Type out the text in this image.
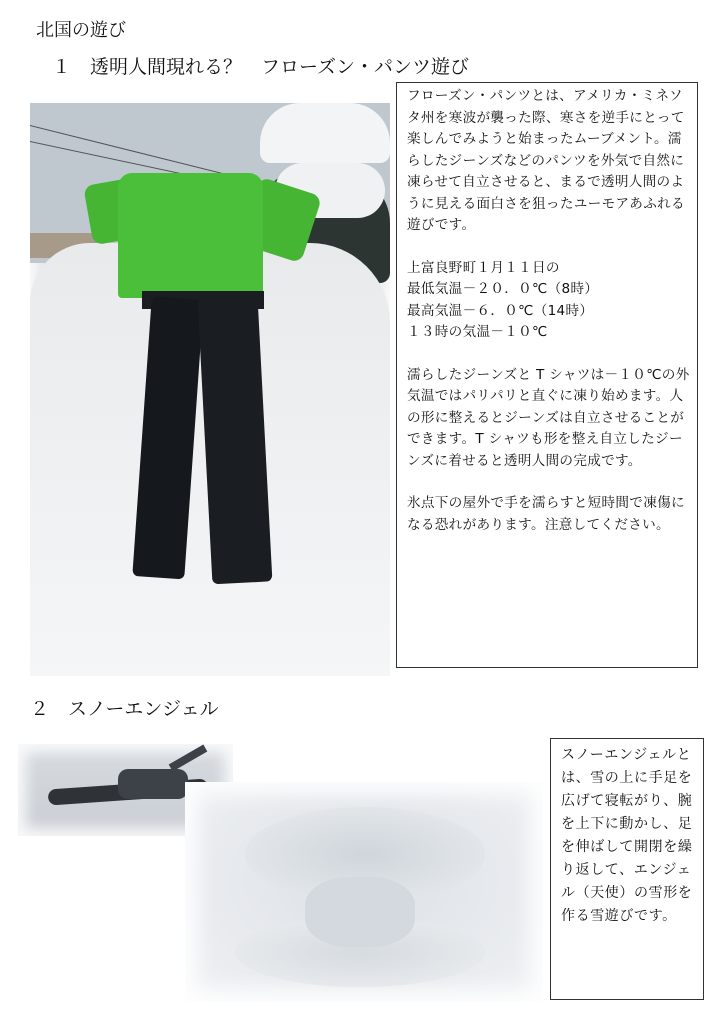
北国の遊び
１　透明人間現れる？　フローズン・パンツ遊び

フローズン・パンツとは、アメリカ・ミネソタ州を寒波が襲った際、寒さを逆手にとって楽しんでみようと始まったムーブメント。濡らしたジーンズなどのパンツを外気で自然に凍らせて自立させると、まるで透明人間のように見える面白さを狙ったユーモアあふれる遊びです。

上富良野町１月１１日の
最低気温－２０．０℃（8時）
最高気温－６．０℃（14時）
１３時の気温－１０℃

濡らしたジーンズと T シャツは－１０℃の外気温ではパリパリと直ぐに凍り始めます。人の形に整えるとジーンズは自立させることができます。T シャツも形を整え自立したジーンズに着せると透明人間の完成です。

氷点下の屋外で手を濡らすと短時間で凍傷になる恐れがあります。注意してください。

２　スノーエンジェル

スノーエンジェルとは、雪の上に手足を広げて寝転がり、腕を上下に動かし、足を伸ばして開閉を繰り返して、エンジェル（天使）の雪形を作る雪遊びです。
